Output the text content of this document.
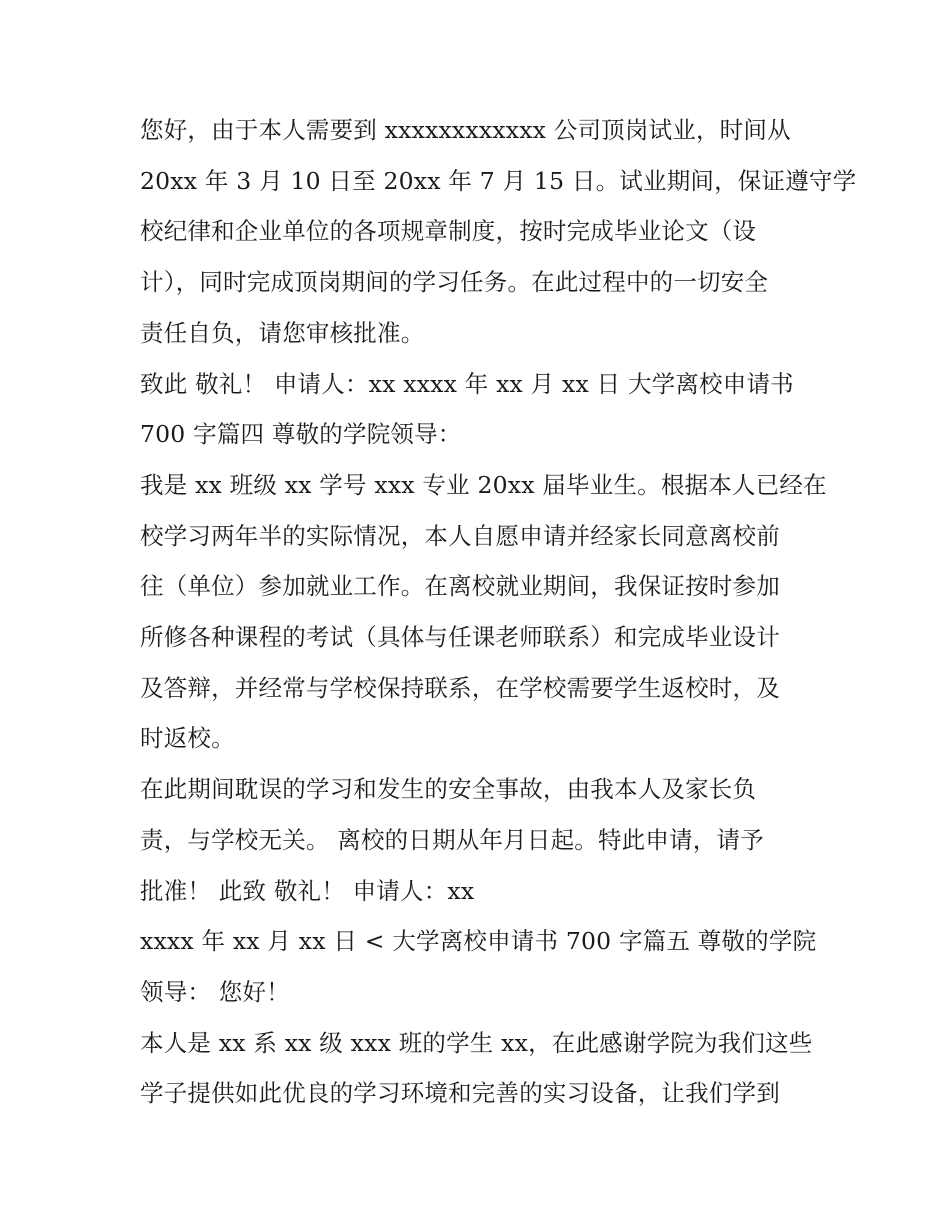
您好，由于本人需要到 xxxxxxxxxxxx 公司顶岗试业，时间从
20xx 年 3 月 10 日至 20xx 年 7 月 15 日。试业期间，保证遵守学
校纪律和企业单位的各项规章制度，按时完成毕业论文（设
计），同时完成顶岗期间的学习任务。在此过程中的一切安全
责任自负，请您审核批准。
致此 敬礼！ 申请人：xx xxxx 年 xx 月 xx 日 大学离校申请书
700 字篇四 尊敬的学院领导：
我是 xx 班级 xx 学号 xxx 专业 20xx 届毕业生。根据本人已经在
校学习两年半的实际情况，本人自愿申请并经家长同意离校前
往（单位）参加就业工作。在离校就业期间，我保证按时参加
所修各种课程的考试（具体与任课老师联系）和完成毕业设计
及答辩，并经常与学校保持联系，在学校需要学生返校时，及
时返校。
在此期间耽误的学习和发生的安全事故，由我本人及家长负
责，与学校无关。 离校的日期从年月日起。特此申请，请予
批准！ 此致 敬礼！ 申请人：xx
xxxx 年 xx 月 xx 日 < 大学离校申请书 700 字篇五 尊敬的学院
领导： 您好！
本人是 xx 系 xx 级 xxx 班的学生 xx，在此感谢学院为我们这些
学子提供如此优良的学习环境和完善的实习设备，让我们学到
